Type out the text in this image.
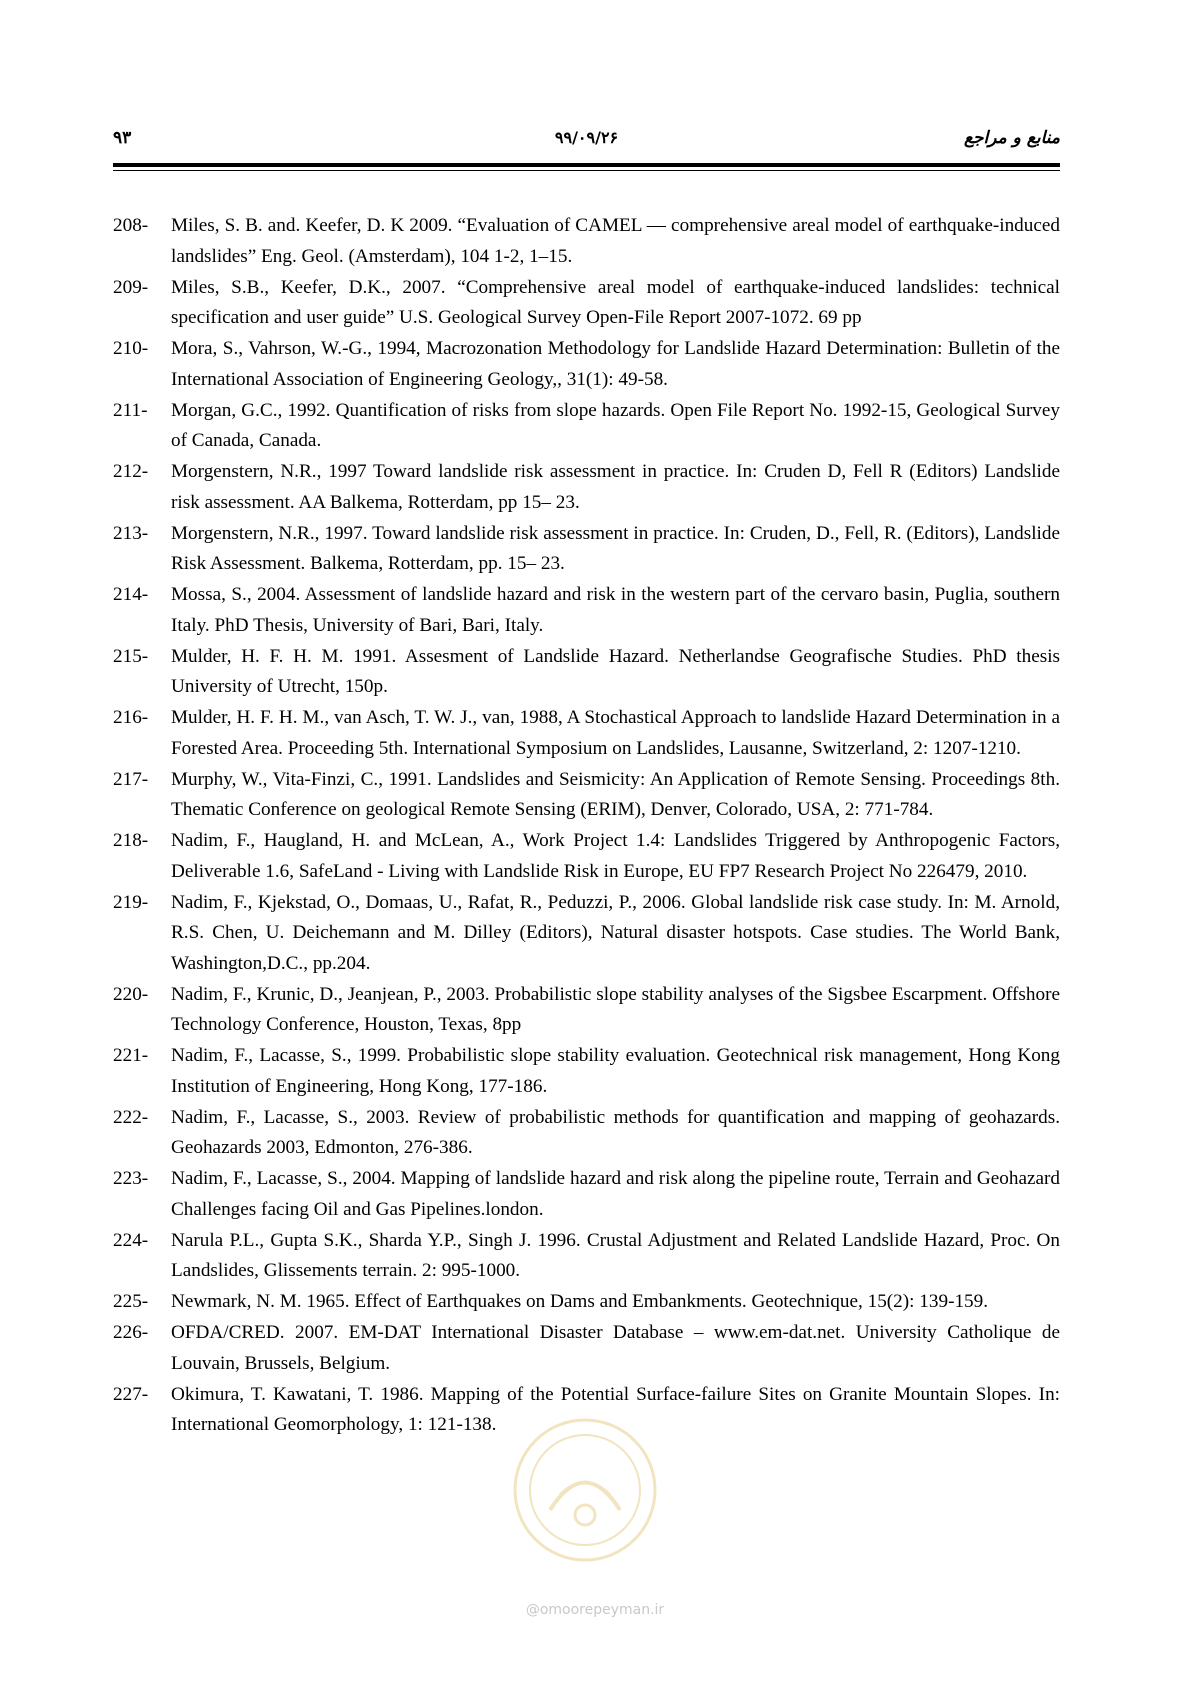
منابع و مراجع
۹۹/۰۹/۲۶
۹۳
208-	Miles, S. B. and. Keefer, D. K 2009. “Evaluation of CAMEL — comprehensive areal model of earthquake-induced landslides” Eng. Geol. (Amsterdam), 104 1-2, 1–15.
209-	Miles, S.B., Keefer, D.K., 2007. “Comprehensive areal model of earthquake-induced landslides: technical specification and user guide” U.S. Geological Survey Open-File Report 2007-1072. 69 pp
210-	Mora, S., Vahrson, W.-G., 1994, Macrozonation Methodology for Landslide Hazard Determination: Bulletin of the International Association of Engineering Geology,, 31(1): 49-58.
211-	Morgan, G.C., 1992. Quantification of risks from slope hazards. Open File Report No. 1992-15, Geological Survey of Canada, Canada.
212-	Morgenstern, N.R., 1997 Toward landslide risk assessment in practice. In: Cruden D, Fell R (Editors) Landslide risk assessment. AA Balkema, Rotterdam, pp 15– 23.
213-	Morgenstern, N.R., 1997. Toward landslide risk assessment in practice. In: Cruden, D., Fell, R. (Editors), Landslide Risk Assessment. Balkema, Rotterdam, pp. 15– 23.
214-	Mossa, S., 2004. Assessment of landslide hazard and risk in the western part of the cervaro basin, Puglia, southern Italy. PhD Thesis, University of Bari, Bari, Italy.
215-	Mulder, H. F. H. M. 1991. Assesment of Landslide Hazard. Netherlandse Geografische Studies. PhD thesis University of Utrecht, 150p.
216-	Mulder, H. F. H. M., van Asch, T. W. J., van, 1988, A Stochastical Approach to landslide Hazard Determination in a Forested Area. Proceeding 5th. International Symposium on Landslides, Lausanne, Switzerland, 2: 1207-1210.
217-	Murphy, W., Vita-Finzi, C., 1991. Landslides and Seismicity: An Application of Remote Sensing. Proceedings 8th. Thematic Conference on geological Remote Sensing (ERIM), Denver, Colorado, USA, 2: 771-784.
218-	Nadim, F., Haugland, H. and McLean, A., Work Project 1.4: Landslides Triggered by Anthropogenic Factors, Deliverable 1.6, SafeLand - Living with Landslide Risk in Europe, EU FP7 Research Project No 226479, 2010.
219-	Nadim, F., Kjekstad, O., Domaas, U., Rafat, R., Peduzzi, P., 2006. Global landslide risk case study. In: M. Arnold, R.S. Chen, U. Deichemann and M. Dilley (Editors), Natural disaster hotspots. Case studies. The World Bank, Washington,D.C., pp.204.
220-	Nadim, F., Krunic, D., Jeanjean, P., 2003. Probabilistic slope stability analyses of the Sigsbee Escarpment. Offshore Technology Conference, Houston, Texas, 8pp
221-	Nadim, F., Lacasse, S., 1999. Probabilistic slope stability evaluation. Geotechnical risk management, Hong Kong Institution of Engineering, Hong Kong, 177-186.
222-	Nadim, F., Lacasse, S., 2003. Review of probabilistic methods for quantification and mapping of geohazards. Geohazards 2003, Edmonton, 276-386.
223-	Nadim, F., Lacasse, S., 2004. Mapping of landslide hazard and risk along the pipeline route, Terrain and Geohazard Challenges facing Oil and Gas Pipelines.london.
224-	Narula P.L., Gupta S.K., Sharda Y.P., Singh J. 1996. Crustal Adjustment and Related Landslide Hazard, Proc. On Landslides, Glissements terrain. 2: 995-1000.
225-	Newmark, N. M. 1965. Effect of Earthquakes on Dams and Embankments. Geotechnique, 15(2): 139-159.
226-	OFDA/CRED. 2007. EM-DAT International Disaster Database – www.em-dat.net. University Catholique de Louvain, Brussels, Belgium.
227-	Okimura, T. Kawatani, T. 1986. Mapping of the Potential Surface-failure Sites on Granite Mountain Slopes. In: International Geomorphology, 1: 121-138.
@omoorepeyman.ir
